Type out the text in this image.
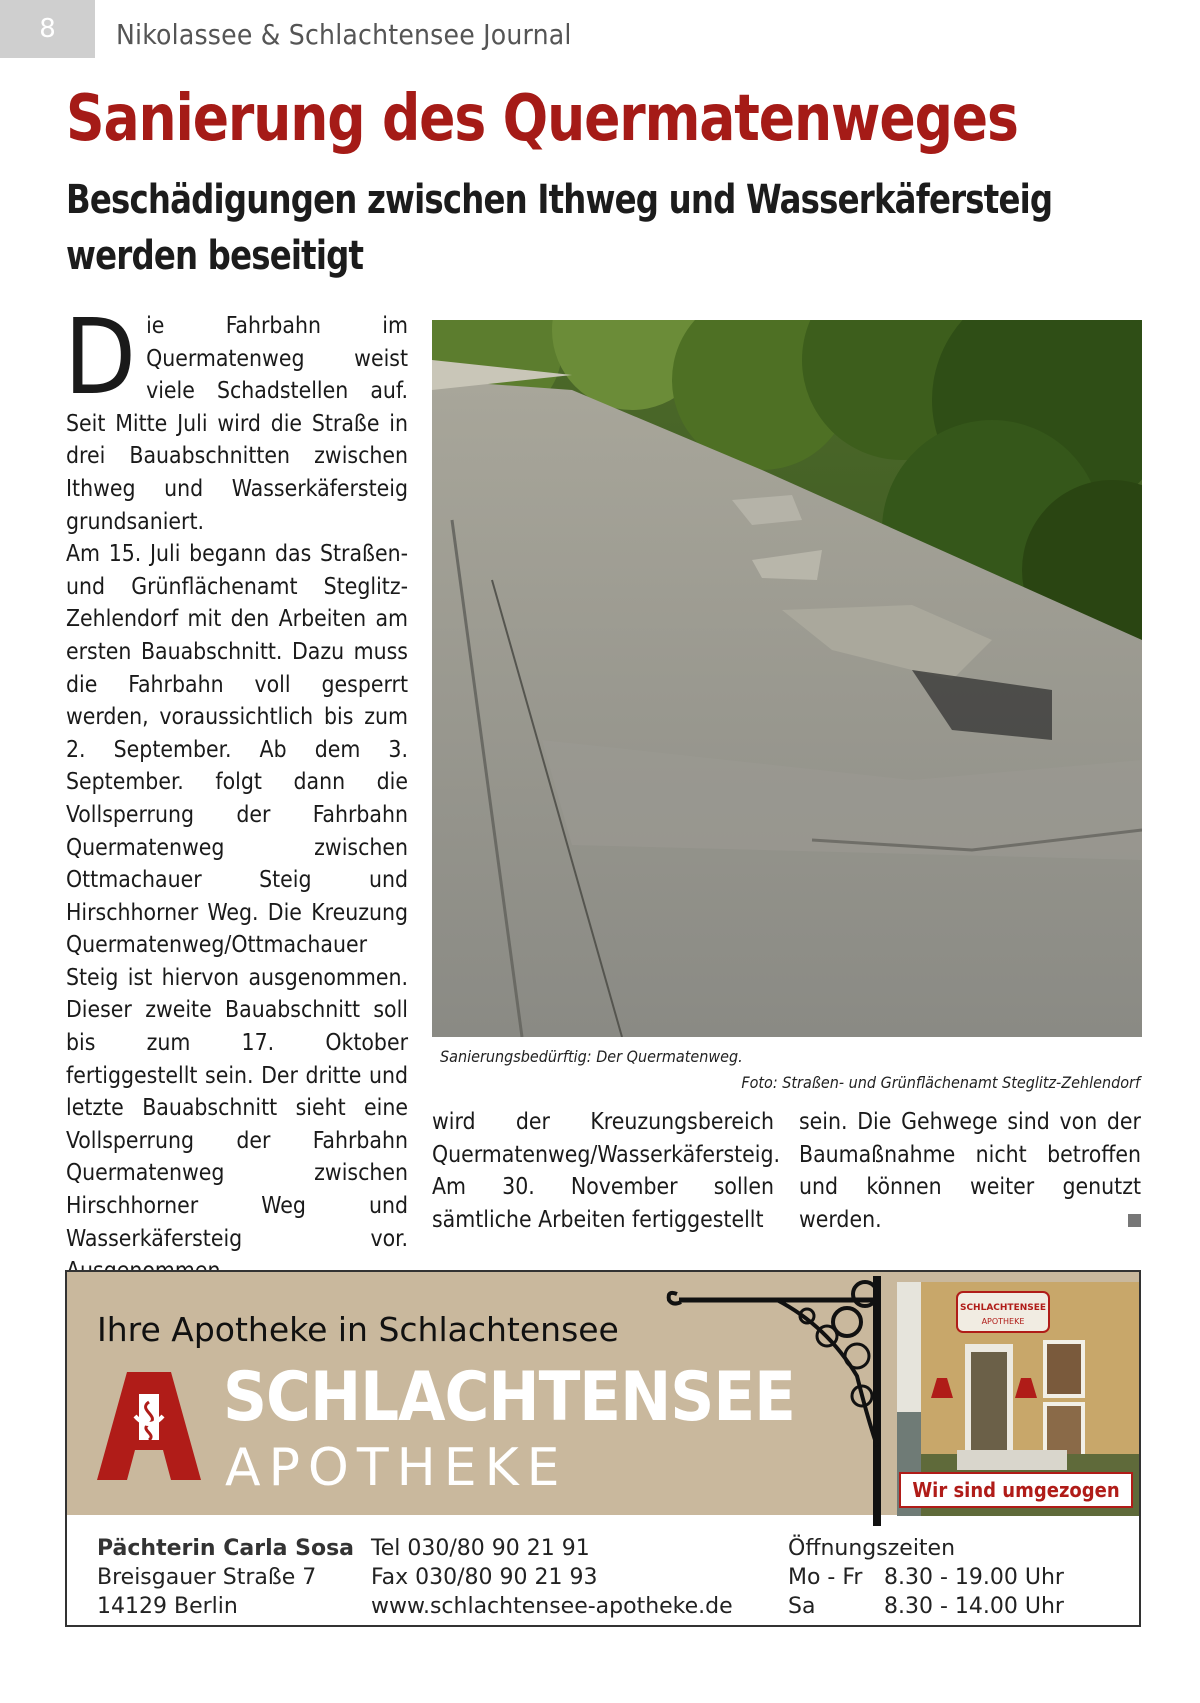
8	Nikolassee & Schlachtensee Journal
Sanierung des Quermatenweges
Beschädigungen zwischen Ithweg und Wasserkäfersteig werden beseitigt
Die Fahrbahn im Quermatenweg weist viele Schadstellen auf. Seit Mitte Juli wird die Straße in drei Bauabschnitten zwischen Ithweg und Wasserkäfersteig grundsaniert.
Am 15. Juli begann das Straßen- und Grünflächenamt Steglitz-Zehlendorf mit den Arbeiten am ersten Bauabschnitt. Dazu muss die Fahrbahn voll gesperrt werden, voraussichtlich bis zum 2. September. Ab dem 3. September. folgt dann die Vollsperrung der Fahrbahn Quermatenweg zwischen Ottmachauer Steig und Hirschhorner Weg. Die Kreuzung Quermatenweg/Ottmachauer Steig ist hiervon ausgenommen. Dieser zweite Bauabschnitt soll bis zum 17. Oktober fertiggestellt sein. Der dritte und letzte Bauabschnitt sieht eine Vollsperrung der Fahrbahn Quermatenweg zwischen Hirschhorner Weg und Wasserkäfersteig vor.
Sanierungsbedürftig: Der Quermatenweg.
Foto: Straßen- und Grünflächenamt Steglitz-Zehlendorf
wird der Kreuzungsbereich Quermatenweg/Wasserkäfersteig. Am 30. November sollen sämtliche Arbeiten fertiggestellt
sein. Die Gehwege sind von der Baumaßnahme nicht betroffen und können weiter genutzt werden.
Ihre Apotheke in Schlachtensee
SCHLACHTENSEE
APOTHEKE
SCHLACHTENSEE
APOTHEKE
Wir sind umgezogen
Pächterin Carla Sosa
Breisgauer Straße 7
14129 Berlin
Tel 030/80 90 21 91
Fax 030/80 90 21 93
www.schlachtensee-apotheke.de
Öffnungszeiten
Mo - Fr 8.30 - 19.00 Uhr
Sa	8.30 - 14.00 Uhr
